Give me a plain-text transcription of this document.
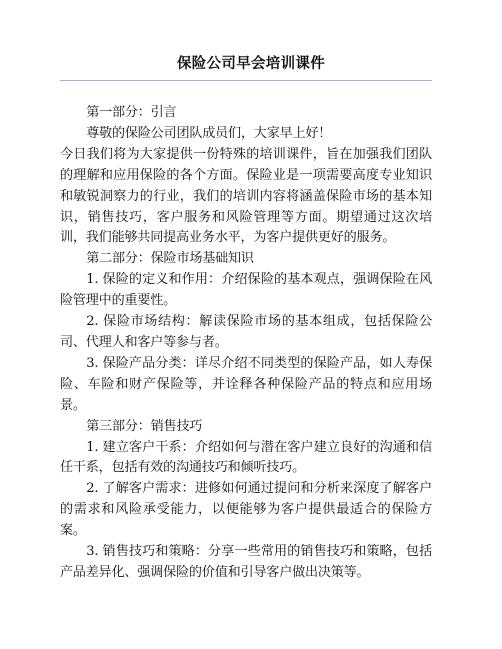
保险公司早会培训课件

第一部分：引言

尊敬的保险公司团队成员们，大家早上好！

今日我们将为大家提供一份特殊的培训课件，旨在加强我们团队的理解和应用保险的各个方面。保险业是一项需要高度专业知识和敏锐洞察力的行业，我们的培训内容将涵盖保险市场的基本知识，销售技巧，客户服务和风险管理等方面。期望通过这次培训，我们能够共同提高业务水平，为客户提供更好的服务。

第二部分：保险市场基础知识

1. 保险的定义和作用：介绍保险的基本观点，强调保险在风险管理中的重要性。

2. 保险市场结构：解读保险市场的基本组成，包括保险公司、代理人和客户等参与者。

3. 保险产品分类：详尽介绍不同类型的保险产品，如人寿保险、车险和财产保险等，并诠释各种保险产品的特点和应用场景。

第三部分：销售技巧

1. 建立客户干系：介绍如何与潜在客户建立良好的沟通和信任干系，包括有效的沟通技巧和倾听技巧。

2. 了解客户需求：进修如何通过提问和分析来深度了解客户的需求和风险承受能力，以便能够为客户提供最适合的保险方案。

3. 销售技巧和策略：分享一些常用的销售技巧和策略，包括产品差异化、强调保险的价值和引导客户做出决策等。
